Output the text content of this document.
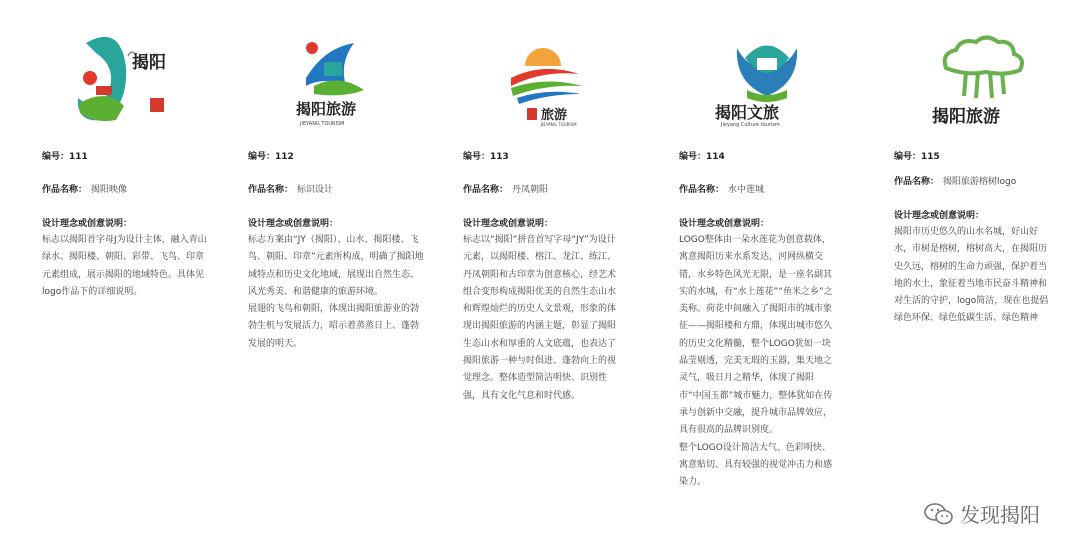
揭阳
编号：111
作品名称： 揭阳映像
设计理念或创意说明：

标志以揭阳首字母J为设计主体，融入青山绿水、揭阳楼、朝阳、彩带、飞鸟、印章元素组成，展示揭阳的地域特色。具体见logo作品下的详细说明。

揭阳旅游
JIEYANG TOURISM
编号：112
作品名称： 标识设计
设计理念或创意说明：

标志方案由“JY（揭阳）、山水、揭阳楼、飞鸟、朝阳、印章”元素所构成，明确了揭阳地域特点和历史文化地域，展现出自然生态、风光秀美、和谐健康的旅游环境。

展翅的飞鸟和朝阳，体现出揭阳旅游业的勃勃生机与发展活力，昭示着蒸蒸日上、蓬勃发展的明天。

旅游
JIEYANG TOURISM
编号：113
作品名称： 丹凤朝阳
设计理念或创意说明：

标志以“揭阳”拼音首写字母“JY”为设计元素，以揭阳楼、榕江、龙江、练江、丹凤朝阳和古印章为创意核心，经艺术组合变形构成揭阳优美的自然生态山水和辉煌灿烂的历史人文景观，形象的体现出揭阳旅游的内涵主题，彰显了揭阳生态山水和厚重的人文底蕴，也表达了揭阳旅游一种与时俱进、蓬勃向上的视觉理念。整体造型简洁明快、识别性强，具有文化气息和时代感。

揭阳文旅
Jieyang Culture tourism
编号：114
作品名称： 水中莲城
设计理念或创意说明：

LOGO整体由一朵水莲花为创意载体，寓意揭阳历来水系发达，河网纵横交错，水乡特色风光无限，是一座名副其实的水城，有“水上莲花”“鱼米之乡”之美称。荷花中间融入了揭阳市的城市象征——揭阳楼和方鼎，体现出城市悠久的历史文化精髓，整个LOGO犹如一块晶莹剔透，完美无瑕的玉器，集天地之灵气，吸日月之精华，体现了揭阳市“中国玉都”城市魅力，整体犹如在传承与创新中交融，提升城市品牌效应，具有很高的品牌识别度。

整个LOGO设计简洁大气、色彩明快、寓意贴切、具有较强的视觉冲击力和感染力。

揭阳旅游
编号：115
作品名称： 揭阳旅游榕树logo
设计理念或创意说明：

揭阳市历史悠久的山水名城，好山好水，市树是榕树，榕树高大，在揭阳历史久远，榕树的生命力顽强，保护着当地的水土，象征着当地市民奋斗精神和对生活的守护，logo简洁，现在也提倡绿色环保、绿色低碳生活、绿色精神

发现揭阳
